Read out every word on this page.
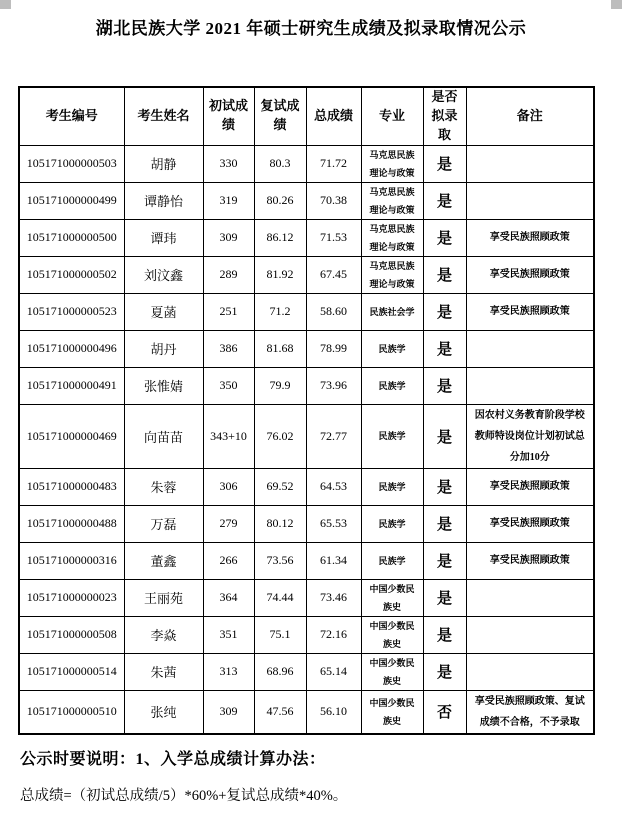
湖北民族大学 2021 年硕士研究生成绩及拟录取情况公示
考生编号	考生姓名	初试成绩	复试成绩	总成绩	专业	是否拟录取	备注
105171000000503	胡静	330	80.3	71.72	马克思民族理论与政策	是	
105171000000499	谭静怡	319	80.26	70.38	马克思民族理论与政策	是	
105171000000500	谭玮	309	86.12	71.53	马克思民族理论与政策	是	享受民族照顾政策
105171000000502	刘汶鑫	289	81.92	67.45	马克思民族理论与政策	是	享受民族照顾政策
105171000000523	夏菡	251	71.2	58.60	民族社会学	是	享受民族照顾政策
105171000000496	胡丹	386	81.68	78.99	民族学	是	
105171000000491	张惟婧	350	79.9	73.96	民族学	是	
105171000000469	向苗苗	343+10	76.02	72.77	民族学	是	因农村义务教育阶段学校教师特设岗位计划初试总分加10分
105171000000483	朱蓉	306	69.52	64.53	民族学	是	享受民族照顾政策
105171000000488	万磊	279	80.12	65.53	民族学	是	享受民族照顾政策
105171000000316	董鑫	266	73.56	61.34	民族学	是	享受民族照顾政策
105171000000023	王丽苑	364	74.44	73.46	中国少数民族史	是	
105171000000508	李焱	351	75.1	72.16	中国少数民族史	是	
105171000000514	朱茜	313	68.96	65.14	中国少数民族史	是	
105171000000510	张纯	309	47.56	56.10	中国少数民族史	否	享受民族照顾政策、复试成绩不合格，不予录取
公示时要说明：1、入学总成绩计算办法：
总成绩=（初试总成绩/5）*60%+复试总成绩*40%。
